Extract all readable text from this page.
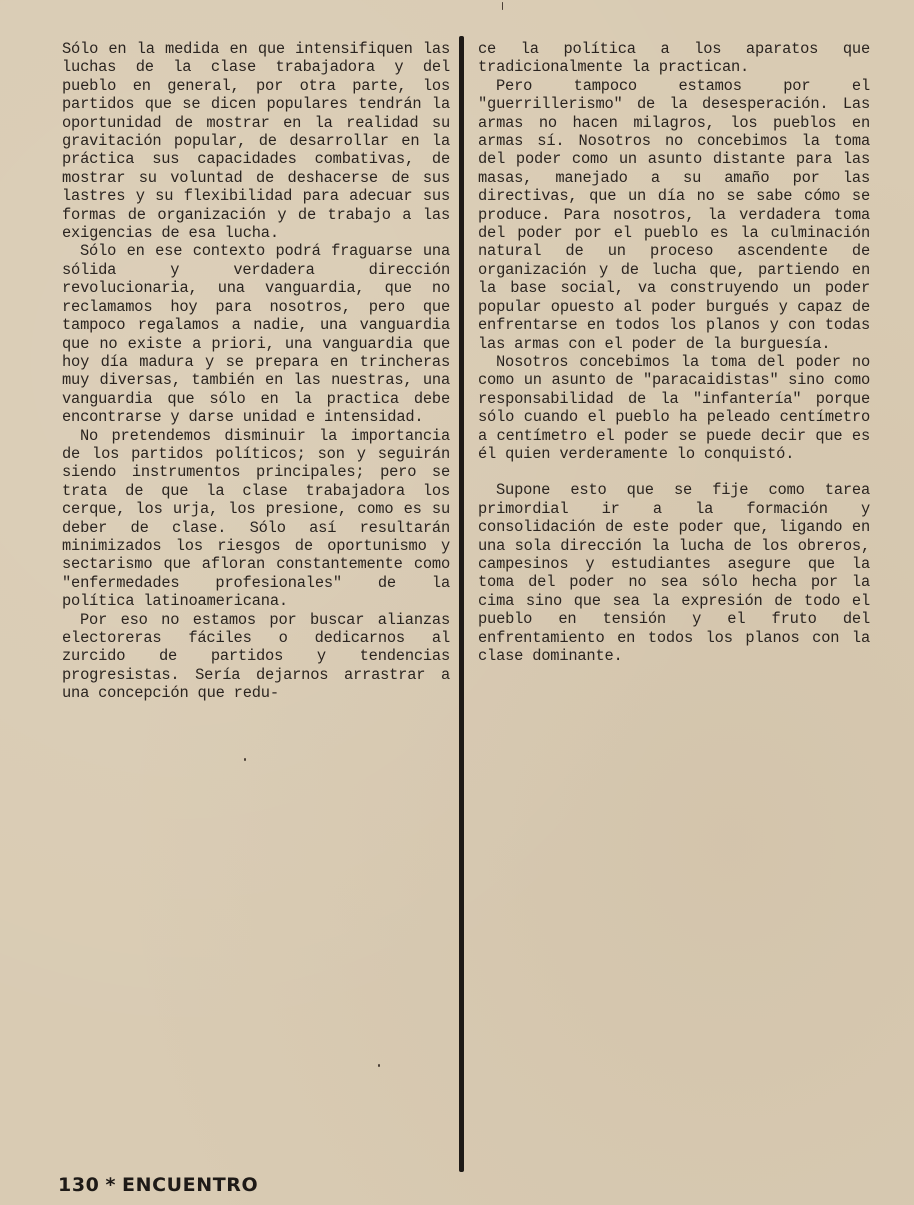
Sólo en la medida en que intensifiquen las luchas de la clase trabajadora y del pueblo en general, por otra parte, los partidos que se dicen populares tendrán la oportunidad de mostrar en la realidad su gravitación popular, de desarrollar en la práctica sus capacidades combativas, de mostrar su voluntad de deshacerse de sus lastres y su flexibilidad para adecuar sus formas de organización y de trabajo a las exigencias de esa lucha.

Sólo en ese contexto podrá fraguarse una sólida y verdadera dirección revolucionaria, una vanguardia, que no reclamamos hoy para nosotros, pero que tampoco regalamos a nadie, una vanguardia que no existe a priori, una vanguardia que hoy día madura y se prepara en trincheras muy diversas, también en las nuestras, una vanguardia que sólo en la practica debe encontrarse y darse unidad e intensidad.

No pretendemos disminuir la importancia de los partidos políticos; son y seguirán siendo instrumentos principales; pero se trata de que la clase trabajadora los cerque, los urja, los presione, como es su deber de clase. Sólo así resultarán minimizados los riesgos de oportunismo y sectarismo que afloran constantemente como "enfermedades profesionales" de la política latinoamericana.

Por eso no estamos por buscar alianzas electoreras fáciles o dedicarnos al zurcido de partidos y tendencias progresistas. Sería dejarnos arrastrar a una concepción que redu-

ce la política a los aparatos que tradicionalmente la practican.

Pero tampoco estamos por el "guerrillerismo" de la desesperación. Las armas no hacen milagros, los pueblos en armas sí. Nosotros no concebimos la toma del poder como un asunto distante para las masas, manejado a su amaño por las directivas, que un día no se sabe cómo se produce. Para nosotros, la verdadera toma del poder por el pueblo es la culminación natural de un proceso ascendente de organización y de lucha que, partiendo en la base social, va construyendo un poder popular opuesto al poder burgués y capaz de enfrentarse en todos los planos y con todas las armas con el poder de la burguesía.

Nosotros concebimos la toma del poder no como un asunto de "paracaidistas" sino como responsabilidad de la "infantería" porque sólo cuando el pueblo ha peleado centímetro a centímetro el poder se puede decir que es él quien verderamente lo conquistó.

Supone esto que se fije como tarea primordial ir a la formación y consolidación de este poder que, ligando en una sola dirección la lucha de los obreros, campesinos y estudiantes asegure que la toma del poder no sea sólo hecha por la cima sino que sea la expresión de todo el pueblo en tensión y el fruto del enfrentamiento en todos los planos con la clase dominante.

130 * ENCUENTRO
